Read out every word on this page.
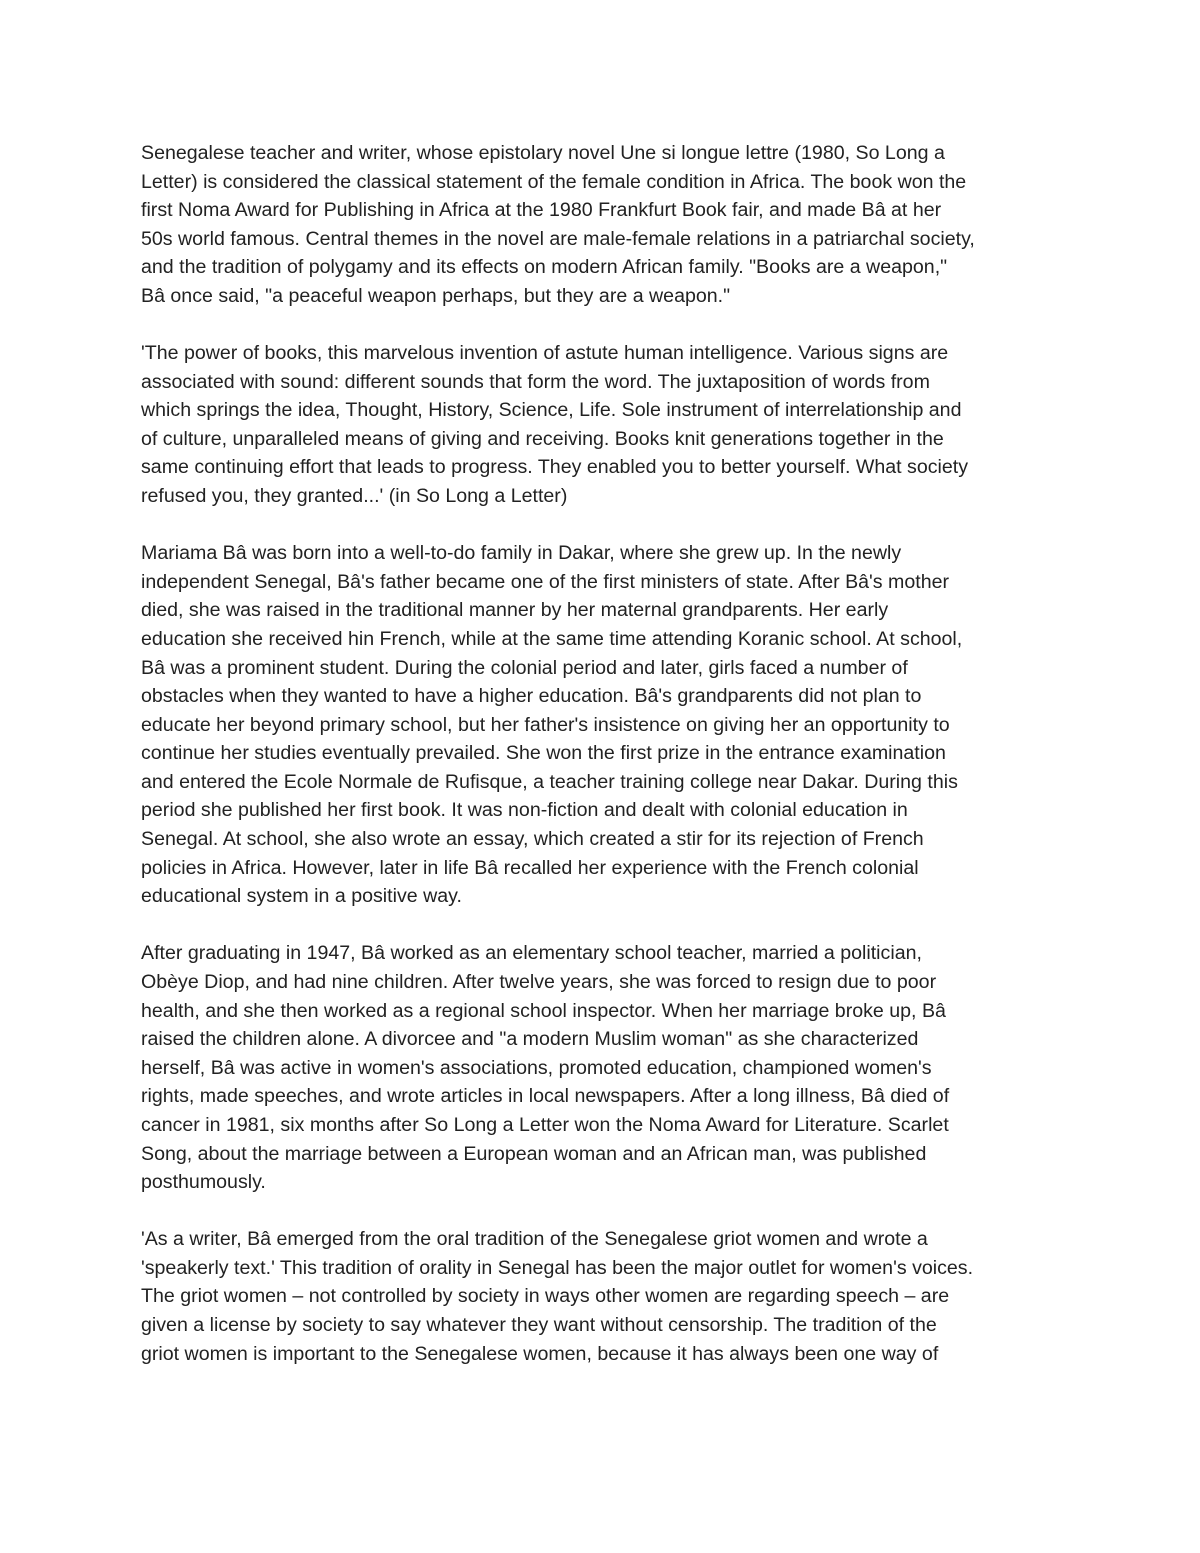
Senegalese teacher and writer, whose epistolary novel Une si longue lettre (1980, So Long a
Letter) is considered the classical statement of the female condition in Africa. The book won the
first Noma Award for Publishing in Africa at the 1980 Frankfurt Book fair, and made Bâ at her
50s world famous. Central themes in the novel are male-female relations in a patriarchal society,
and the tradition of polygamy and its effects on modern African family. "Books are a weapon,"
Bâ once said, "a peaceful weapon perhaps, but they are a weapon."
'The power of books, this marvelous invention of astute human intelligence. Various signs are
associated with sound: different sounds that form the word. The juxtaposition of words from
which springs the idea, Thought, History, Science, Life. Sole instrument of interrelationship and
of culture, unparalleled means of giving and receiving. Books knit generations together in the
same continuing effort that leads to progress. They enabled you to better yourself. What society
refused you, they granted...' (in So Long a Letter)
Mariama Bâ was born into a well-to-do family in Dakar, where she grew up. In the newly
independent Senegal, Bâ's father became one of the first ministers of state. After Bâ's mother
died, she was raised in the traditional manner by her maternal grandparents. Her early
education she received hin French, while at the same time attending Koranic school. At school,
Bâ was a prominent student. During the colonial period and later, girls faced a number of
obstacles when they wanted to have a higher education. Bâ's grandparents did not plan to
educate her beyond primary school, but her father's insistence on giving her an opportunity to
continue her studies eventually prevailed. She won the first prize in the entrance examination
and entered the Ecole Normale de Rufisque, a teacher training college near Dakar. During this
period she published her first book. It was non-fiction and dealt with colonial education in
Senegal. At school, she also wrote an essay, which created a stir for its rejection of French
policies in Africa. However, later in life Bâ recalled her experience with the French colonial
educational system in a positive way.
After graduating in 1947, Bâ worked as an elementary school teacher, married a politician,
Obèye Diop, and had nine children. After twelve years, she was forced to resign due to poor
health, and she then worked as a regional school inspector. When her marriage broke up, Bâ
raised the children alone. A divorcee and "a modern Muslim woman" as she characterized
herself, Bâ was active in women's associations, promoted education, championed women's
rights, made speeches, and wrote articles in local newspapers. After a long illness, Bâ died of
cancer in 1981, six months after So Long a Letter won the Noma Award for Literature. Scarlet
Song, about the marriage between a European woman and an African man, was published
posthumously.
'As a writer, Bâ emerged from the oral tradition of the Senegalese griot women and wrote a
'speakerly text.' This tradition of orality in Senegal has been the major outlet for women's voices.
The griot women – not controlled by society in ways other women are regarding speech – are
given a license by society to say whatever they want without censorship. The tradition of the
griot women is important to the Senegalese women, because it has always been one way of
